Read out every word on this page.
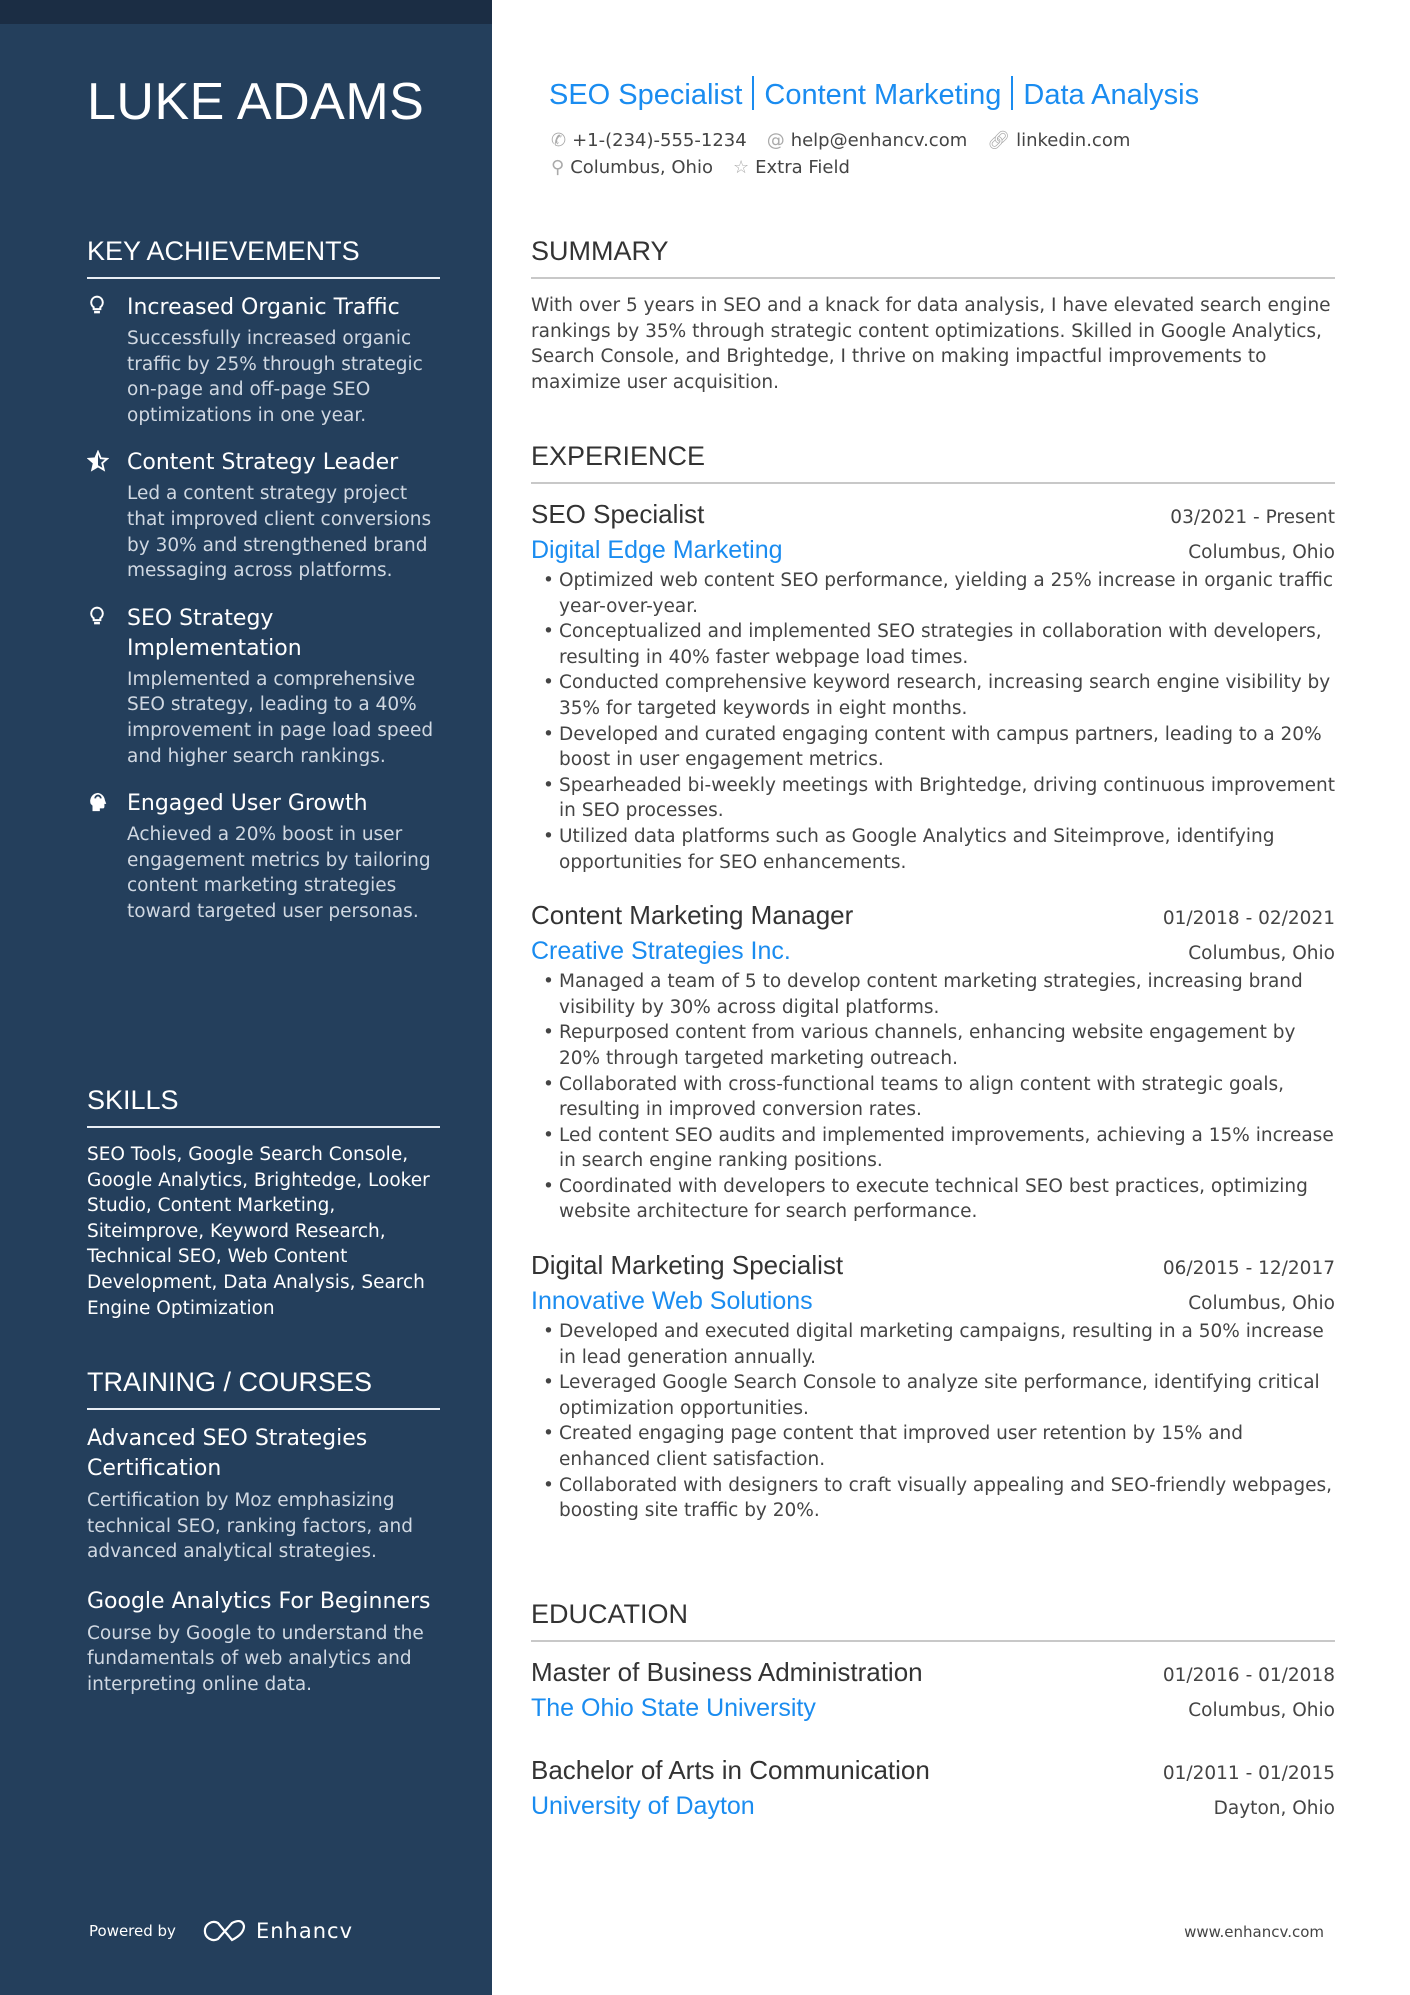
LUKE ADAMS
KEY ACHIEVEMENTS
Increased Organic Traffic
Successfully increased organic traffic by 25% through strategic on-page and off-page SEO optimizations in one year.
Content Strategy Leader
Led a content strategy project that improved client conversions by 30% and strengthened brand messaging across platforms.
SEO Strategy Implementation
Implemented a comprehensive SEO strategy, leading to a 40% improvement in page load speed and higher search rankings.
Engaged User Growth
Achieved a 20% boost in user engagement metrics by tailoring content marketing strategies toward targeted user personas.
SKILLS
SEO Tools, Google Search Console, Google Analytics, Brightedge, Looker Studio, Content Marketing, Siteimprove, Keyword Research, Technical SEO, Web Content Development, Data Analysis, Search Engine Optimization
TRAINING / COURSES
Advanced SEO Strategies Certification
Certification by Moz emphasizing technical SEO, ranking factors, and advanced analytical strategies.
Google Analytics For Beginners
Course by Google to understand the fundamentals of web analytics and interpreting online data.
Powered by	Enhancv
SEO Specialist Content Marketing Data Analysis
✆ +1-(234)-555-1234 @ help@enhancv.com 🔗︎ linkedin.com
⚲ Columbus, Ohio ☆ Extra Field
SUMMARY
With over 5 years in SEO and a knack for data analysis, I have elevated search engine rankings by 35% through strategic content optimizations. Skilled in Google Analytics, Search Console, and Brightedge, I thrive on making impactful improvements to maximize user acquisition.
EXPERIENCE
SEO Specialist	03/2021 - Present
Digital Edge Marketing	Columbus, Ohio
• Optimized web content SEO performance, yielding a 25% increase in organic traffic year-over-year.
• Conceptualized and implemented SEO strategies in collaboration with developers, resulting in 40% faster webpage load times.
• Conducted comprehensive keyword research, increasing search engine visibility by 35% for targeted keywords in eight months.
• Developed and curated engaging content with campus partners, leading to a 20% boost in user engagement metrics.
• Spearheaded bi-weekly meetings with Brightedge, driving continuous improvement in SEO processes.
• Utilized data platforms such as Google Analytics and Siteimprove, identifying opportunities for SEO enhancements.
Content Marketing Manager	01/2018 - 02/2021
Creative Strategies Inc.	Columbus, Ohio
• Managed a team of 5 to develop content marketing strategies, increasing brand visibility by 30% across digital platforms.
• Repurposed content from various channels, enhancing website engagement by 20% through targeted marketing outreach.
• Collaborated with cross-functional teams to align content with strategic goals, resulting in improved conversion rates.
• Led content SEO audits and implemented improvements, achieving a 15% increase in search engine ranking positions.
• Coordinated with developers to execute technical SEO best practices, optimizing website architecture for search performance.
Digital Marketing Specialist	06/2015 - 12/2017
Innovative Web Solutions	Columbus, Ohio
• Developed and executed digital marketing campaigns, resulting in a 50% increase in lead generation annually.
• Leveraged Google Search Console to analyze site performance, identifying critical optimization opportunities.
• Created engaging page content that improved user retention by 15% and enhanced client satisfaction.
• Collaborated with designers to craft visually appealing and SEO-friendly webpages, boosting site traffic by 20%.
EDUCATION
Master of Business Administration	01/2016 - 01/2018
The Ohio State University	Columbus, Ohio
Bachelor of Arts in Communication	01/2011 - 01/2015
University of Dayton	Dayton, Ohio
www.enhancv.com
